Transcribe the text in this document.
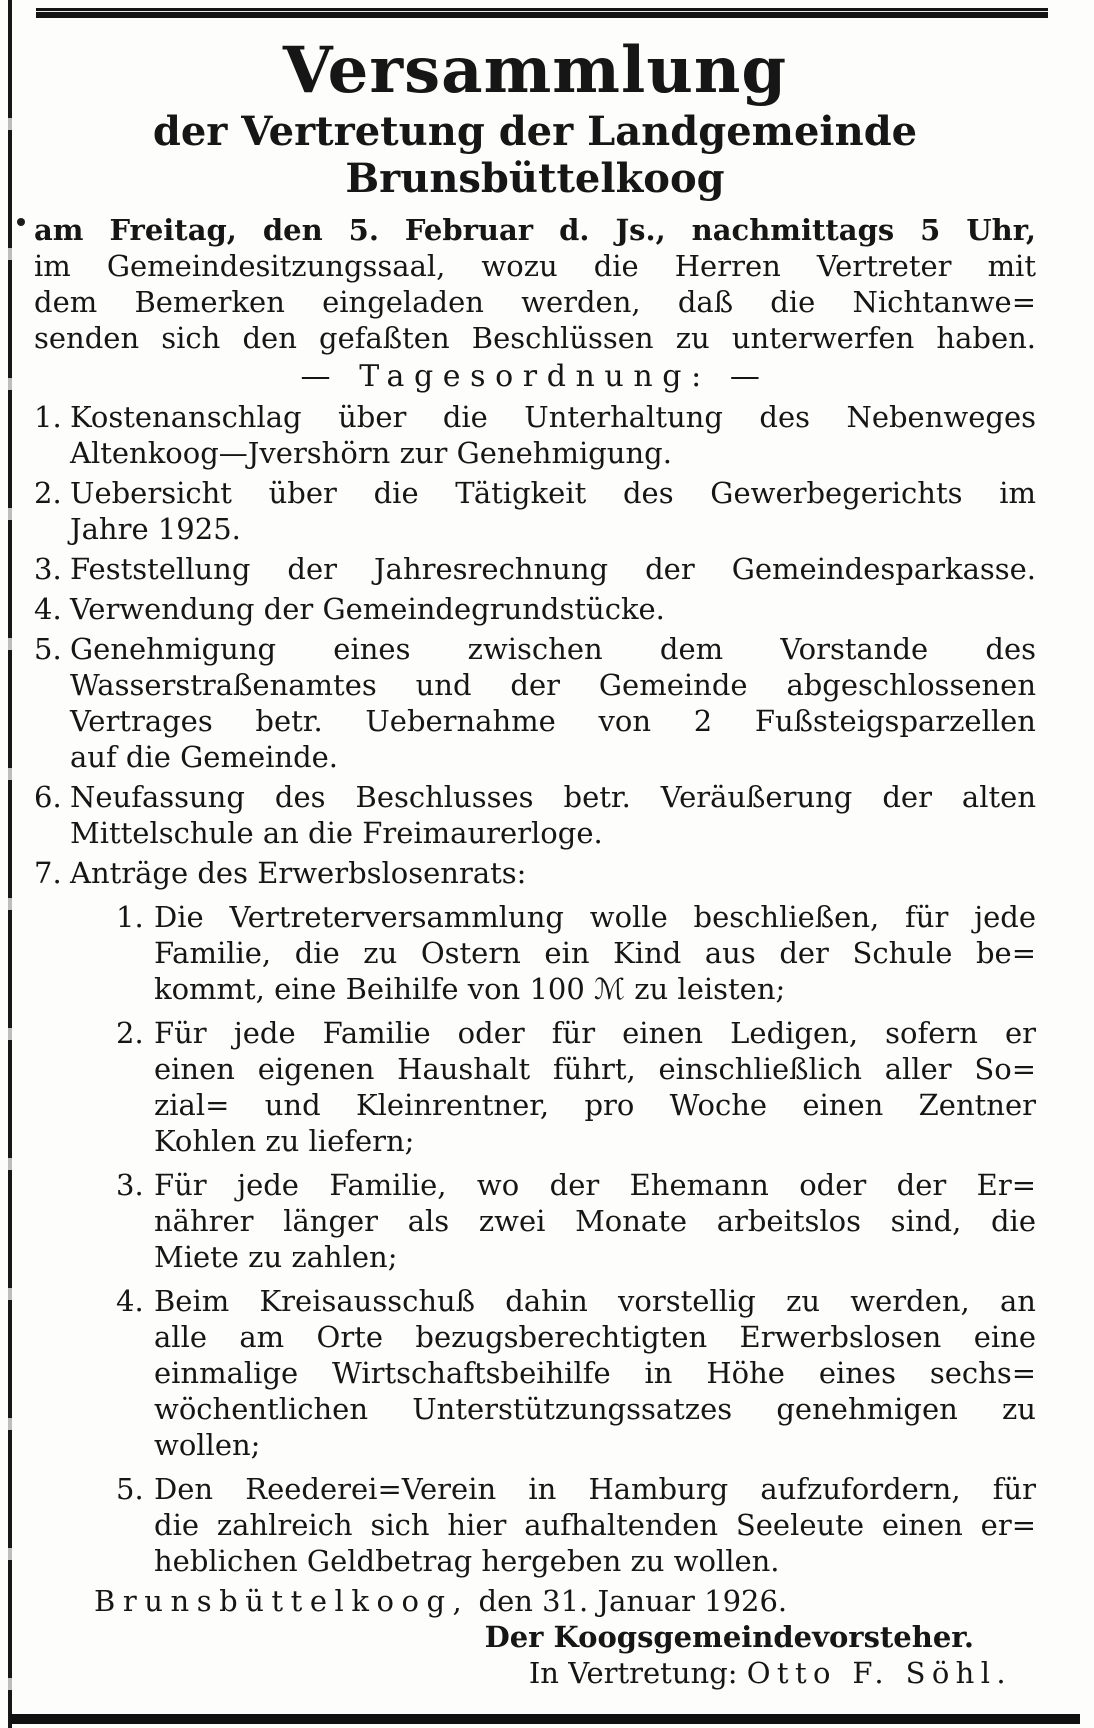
Versammlung
der Vertretung der Landgemeinde
Brunsbüttelkoog
am Freitag, den 5. Februar d. Js., nachmittags 5 Uhr,
im Gemeindesitzungssaal, wozu die Herren Vertreter mit
dem Bemerken eingeladen werden, daß die Nichtanwe=
senden sich den gefaßten Beschlüssen zu unterwerfen haben.
— Tagesordnung: —
1. Kostenanschlag über die Unterhaltung des Nebenweges
Altenkoog—Jvershörn zur Genehmigung.
2. Uebersicht über die Tätigkeit des Gewerbegerichts im
Jahre 1925.
3. Feststellung der Jahresrechnung der Gemeindesparkasse.
4. Verwendung der Gemeindegrundstücke.
5. Genehmigung eines zwischen dem Vorstande des
Wasserstraßenamtes und der Gemeinde abgeschlossenen
Vertrages betr. Uebernahme von 2 Fußsteigsparzellen
auf die Gemeinde.
6. Neufassung des Beschlusses betr. Veräußerung der alten
Mittelschule an die Freimaurerloge.
7. Anträge des Erwerbslosenrats:
1. Die Vertreterversammlung wolle beschließen, für jede
Familie, die zu Ostern ein Kind aus der Schule be=
kommt, eine Beihilfe von 100 ℳ zu leisten;
2. Für jede Familie oder für einen Ledigen, sofern er
einen eigenen Haushalt führt, einschließlich aller So=
zial= und Kleinrentner, pro Woche einen Zentner
Kohlen zu liefern;
3. Für jede Familie, wo der Ehemann oder der Er=
nährer länger als zwei Monate arbeitslos sind, die
Miete zu zahlen;
4. Beim Kreisausschuß dahin vorstellig zu werden, an
alle am Orte bezugsberechtigten Erwerbslosen eine
einmalige Wirtschaftsbeihilfe in Höhe eines sechs=
wöchentlichen Unterstützungssatzes genehmigen zu
wollen;
5. Den Reederei=Verein in Hamburg aufzufordern, für
die zahlreich sich hier aufhaltenden Seeleute einen er=
heblichen Geldbetrag hergeben zu wollen.
Brunsbüttelkoog, den 31. Januar 1926.
Der Koogsgemeindevorsteher.
In Vertretung: Otto F. Söhl.
